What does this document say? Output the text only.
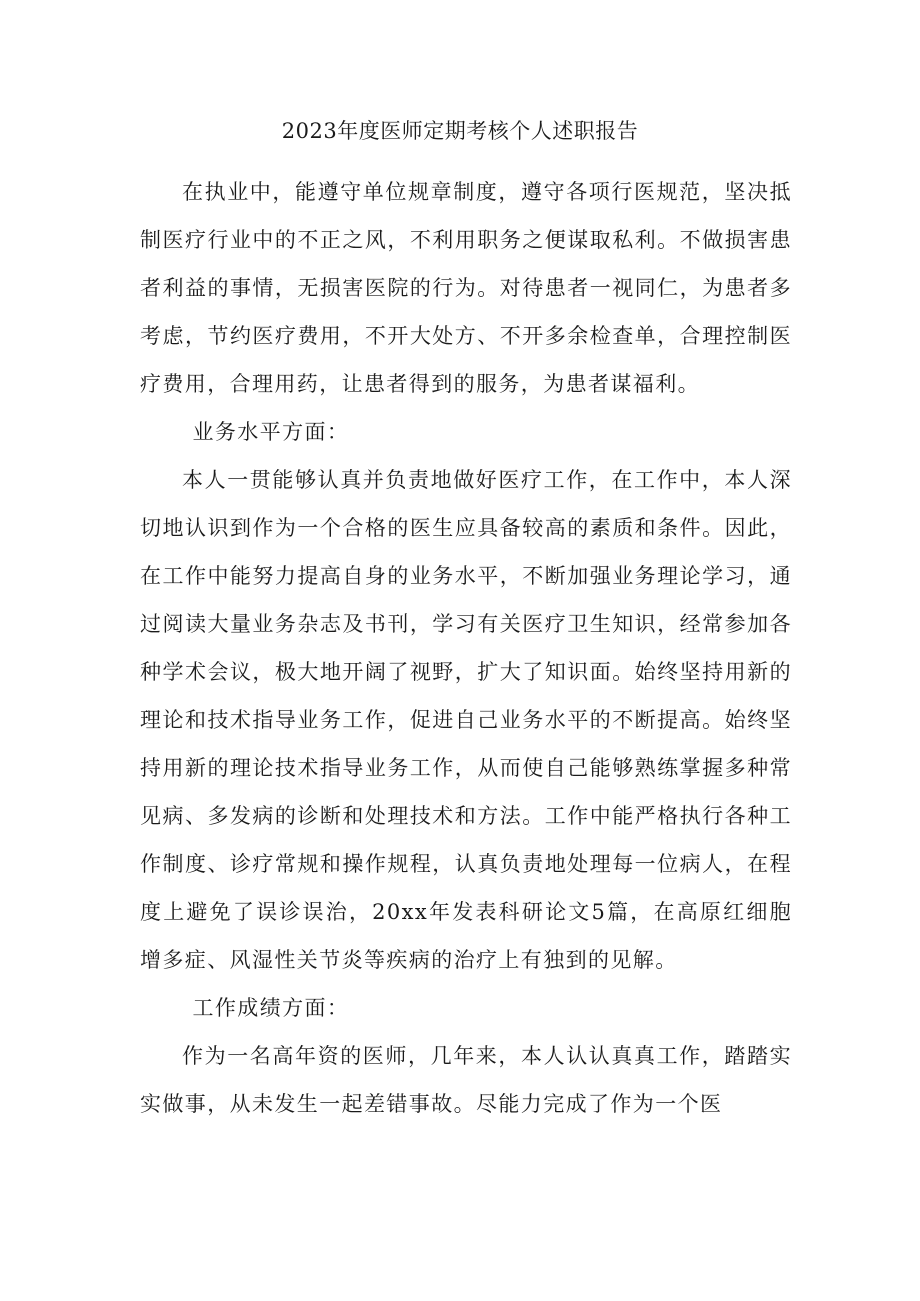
2023年度医师定期考核个人述职报告

在执业中，能遵守单位规章制度，遵守各项行医规范，坚决抵制医疗行业中的不正之风，不利用职务之便谋取私利。不做损害患者利益的事情，无损害医院的行为。对待患者一视同仁，为患者多考虑，节约医疗费用，不开大处方、不开多余检查单，合理控制医疗费用，合理用药，让患者得到的服务，为患者谋福利。

业务水平方面：

本人一贯能够认真并负责地做好医疗工作，在工作中，本人深切地认识到作为一个合格的医生应具备较高的素质和条件。因此，在工作中能努力提高自身的业务水平，不断加强业务理论学习，通过阅读大量业务杂志及书刊，学习有关医疗卫生知识，经常参加各种学术会议，极大地开阔了视野，扩大了知识面。始终坚持用新的理论和技术指导业务工作，促进自己业务水平的不断提高。始终坚持用新的理论技术指导业务工作，从而使自己能够熟练掌握多种常见病、多发病的诊断和处理技术和方法。工作中能严格执行各种工作制度、诊疗常规和操作规程，认真负责地处理每一位病人，在程度上避免了误诊误治，20xx年发表科研论文5篇，在高原红细胞增多症、风湿性关节炎等疾病的治疗上有独到的见解。

工作成绩方面：

作为一名高年资的医师，几年来，本人认认真真工作，踏踏实实做事，从未发生一起差错事故。尽能力完成了作为一个医
